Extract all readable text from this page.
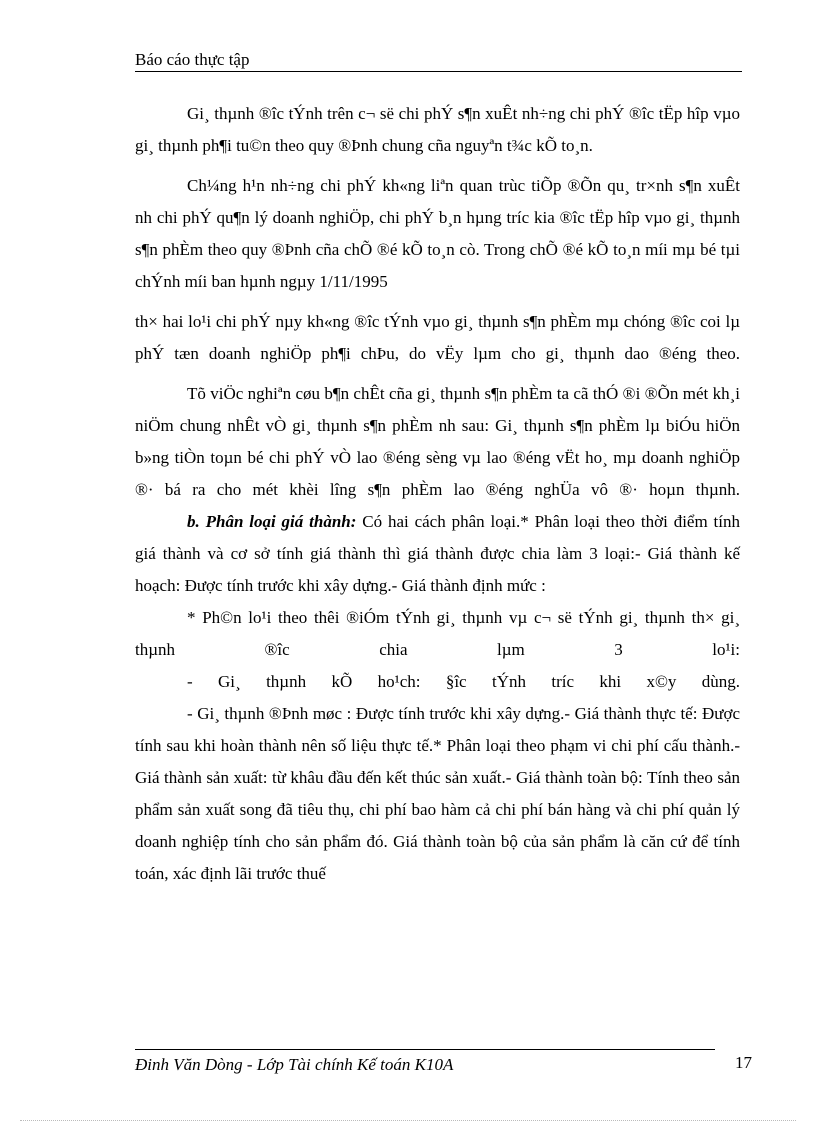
Báo cáo thực tập

Gi¸ thµnh ®îc tÝnh trên c¬ së chi phÝ s¶n xuÊt nh÷ng chi phÝ ®îc tËp hîp vµo gi¸ thµnh ph¶i tu©n theo quy ®Þnh chung cña nguyªn t¾c kÕ to¸n.

Ch¼ng h¹n nh÷ng chi phÝ kh«ng liªn quan trùc tiÕp ®Õn qu¸ tr×nh s¶n xuÊt nh chi phÝ qu¶n lý doanh nghiÖp, chi phÝ b¸n hµng tríc kia ®îc tËp hîp vµo gi¸ thµnh s¶n phÈm theo quy ®Þnh cña chÕ ®é kÕ to¸n cò. Trong chÕ ®é kÕ to¸n míi mµ bé tµi chÝnh míi ban hµnh ngµy 1/11/1995

th× hai lo¹i chi phÝ nµy kh«ng ®îc tÝnh vµo gi¸ thµnh s¶n phÈm mµ chóng ®îc coi lµ phÝ tæn doanh nghiÖp ph¶i chÞu, do vËy lµm cho gi¸ thµnh dao ®éng theo.

Tõ viÖc nghiªn cøu b¶n chÊt cña gi¸ thµnh s¶n phÈm ta cã thÓ ®i ®Õn mét kh¸i niÖm chung nhÊt vÒ gi¸ thµnh s¶n phÈm nh sau: Gi¸ thµnh s¶n phÈm lµ biÓu hiÖn b»ng tiÒn toµn bé chi phÝ vÒ lao ®éng sèng vµ lao ®éng vËt ho¸ mµ doanh nghiÖp ®· bá ra cho mét khèi lîng s¶n phÈm lao ®éng nghÜa vô ®· hoµn thµnh.

b. Phân loại giá thành: Có hai cách phân loại.* Phân loại theo thời điểm tính giá thành và cơ sở tính giá thành thì giá thành được chia làm 3 loại:- Giá thành kế hoạch: Được tính trước khi xây dựng.- Giá thành định mức :

* Ph©n lo¹i theo thêi ®iÓm tÝnh gi¸ thµnh vµ c¬ së tÝnh gi¸ thµnh th× gi¸ thµnh ®îc chia lµm 3 lo¹i:

- Gi¸ thµnh kÕ ho¹ch: §îc tÝnh tríc khi x©y dùng.

- Gi¸ thµnh ®Þnh møc : Được tính trước khi xây dựng.- Giá thành thực tế: Được tính sau khi hoàn thành nên số liệu thực tế.* Phân loại theo phạm vi chi phí cấu thành.- Giá thành sản xuất: từ khâu đầu đến kết thúc sản xuất.- Giá thành toàn bộ: Tính theo sản phẩm sản xuất song đã tiêu thụ, chi phí bao hàm cả chi phí bán hàng và chi phí quản lý doanh nghiệp tính cho sản phẩm đó. Giá thành toàn bộ của sản phẩm là căn cứ để tính toán, xác định lãi trước thuế

Đinh Văn Dòng - Lớp Tài chính Kế toán K10A	17
